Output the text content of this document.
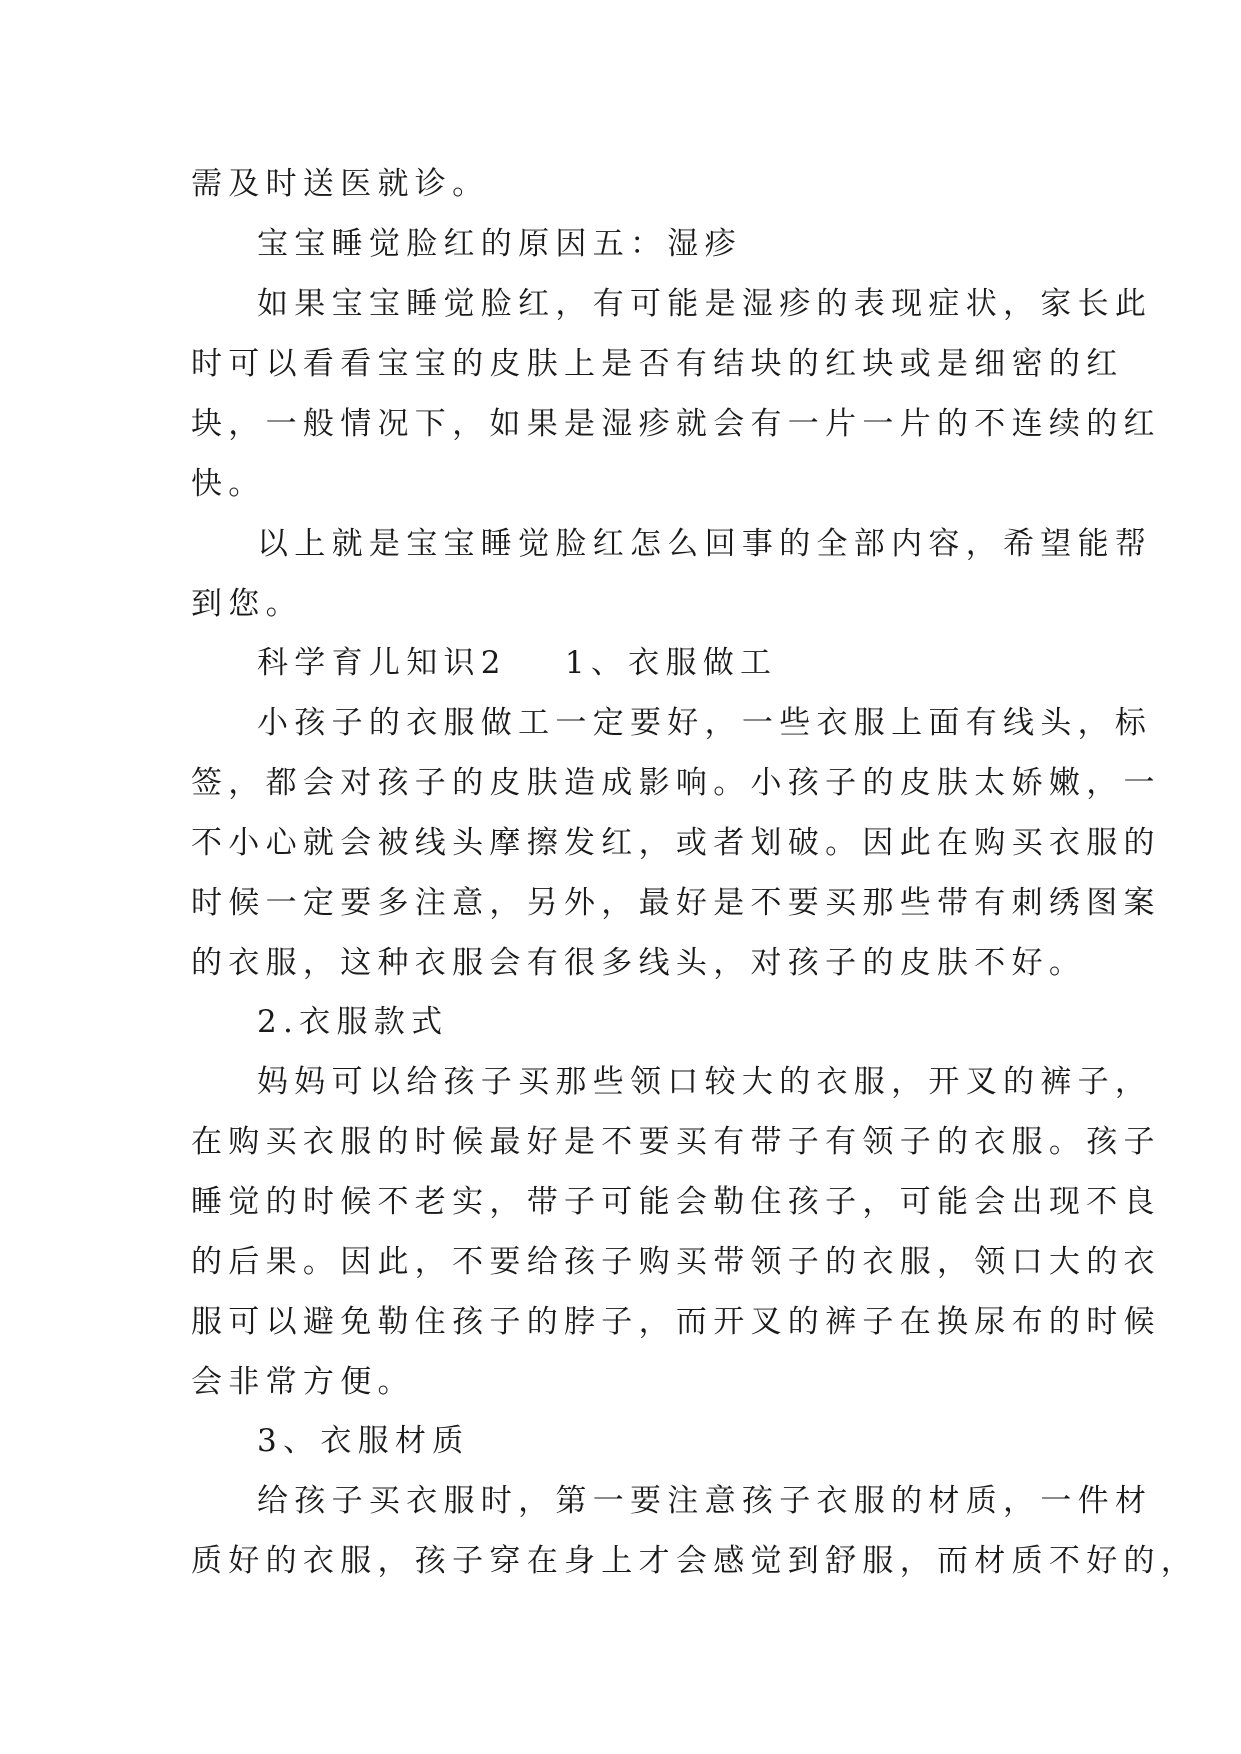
需及时送医就诊。

宝宝睡觉脸红的原因五：湿疹

如果宝宝睡觉脸红，有可能是湿疹的表现症状，家长此

时可以看看宝宝的皮肤上是否有结块的红块或是细密的红

块，一般情况下，如果是湿疹就会有一片一片的不连续的红

快。

以上就是宝宝睡觉脸红怎么回事的全部内容，希望能帮

到您。

科学育儿知识2 1、衣服做工

小孩子的衣服做工一定要好，一些衣服上面有线头，标

签，都会对孩子的皮肤造成影响。小孩子的皮肤太娇嫩，一

不小心就会被线头摩擦发红，或者划破。因此在购买衣服的

时候一定要多注意，另外，最好是不要买那些带有刺绣图案

的衣服，这种衣服会有很多线头，对孩子的皮肤不好。

2.衣服款式

妈妈可以给孩子买那些领口较大的衣服，开叉的裤子，

在购买衣服的时候最好是不要买有带子有领子的衣服。孩子

睡觉的时候不老实，带子可能会勒住孩子，可能会出现不良

的后果。因此，不要给孩子购买带领子的衣服，领口大的衣

服可以避免勒住孩子的脖子，而开叉的裤子在换尿布的时候

会非常方便。

3、衣服材质

给孩子买衣服时，第一要注意孩子衣服的材质，一件材

质好的衣服，孩子穿在身上才会感觉到舒服，而材质不好的，
